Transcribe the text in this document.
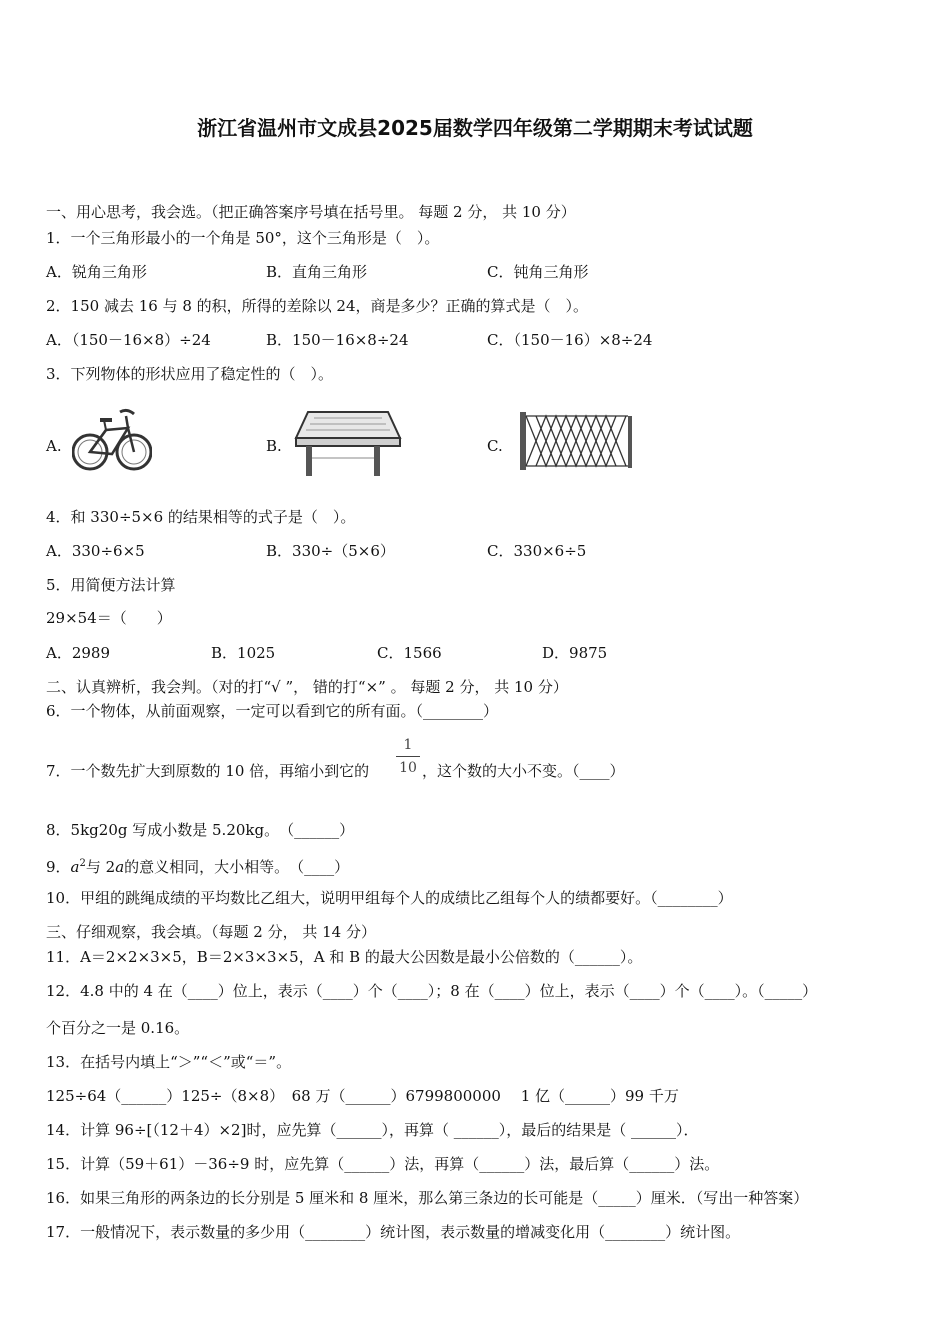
浙江省温州市文成县2025届数学四年级第二学期期末考试试题
一、用心思考，我会选。（把正确答案序号填在括号里。 每题 2 分， 共 10 分）
1．一个三角形最小的一个角是 50°，这个三角形是（　）。
A．锐角三角形	B．直角三角形	C．钝角三角形
2．150 减去 16 与 8 的积，所得的差除以 24，商是多少？正确的算式是（　）。
A．（150－16×8）÷24	B．150－16×8÷24	C．（150－16）×8÷24
3．下列物体的形状应用了稳定性的（　）。
A.	B.	C.
4．和 330÷5×6 的结果相等的式子是（　）。
A．330÷6×5	B．330÷（5×6）	C．330×6÷5
5．用简便方法计算
29×54＝（　　）
A．2989	B．1025	C．1566	D．9875
二、认真辨析，我会判。（对的打“√ ”， 错的打“×” 。 每题 2 分， 共 10 分）
6．一个物体，从前面观察，一定可以看到它的所有面。（________）
7．一个数先扩大到原数的 10 倍，再缩小到它的
1
10 ，这个数的大小不变。（____）
8．5kg20g 写成小数是 5.20kg。　（______）
9．$a^2$与 2a的意义相同，大小相等。　（____）
10．甲组的跳绳成绩的平均数比乙组大，说明甲组每个人的成绩比乙组每个人的绩都要好。（________）
三、仔细观察，我会填。（每题 2 分， 共 14 分）
11．A＝2×2×3×5，B＝2×3×3×5，A 和 B 的最大公因数是最小公倍数的（______）。
12．4.8 中的 4 在（____）位上，表示（____）个（____）；8 在（____）位上，表示（____）个（____）。（_____）
个百分之一是 0.16。
13．在括号内填上“＞”“＜”或“＝”。
125÷64（______）125÷（8×8）　68 万（______）6799800000　 1 亿（______）99 千万
14．计算 96÷[（12＋4）×2]时，应先算（______），再算（ ______），最后的结果是（ ______）．
15．计算（59＋61）－36÷9 时，应先算（______）法，再算（______）法，最后算（______）法。
16．如果三角形的两条边的长分别是 5 厘米和 8 厘米，那么第三条边的长可能是（_____）厘米．（写出一种答案）
17．一般情况下，表示数量的多少用（________）统计图，表示数量的增减变化用（________）统计图。
